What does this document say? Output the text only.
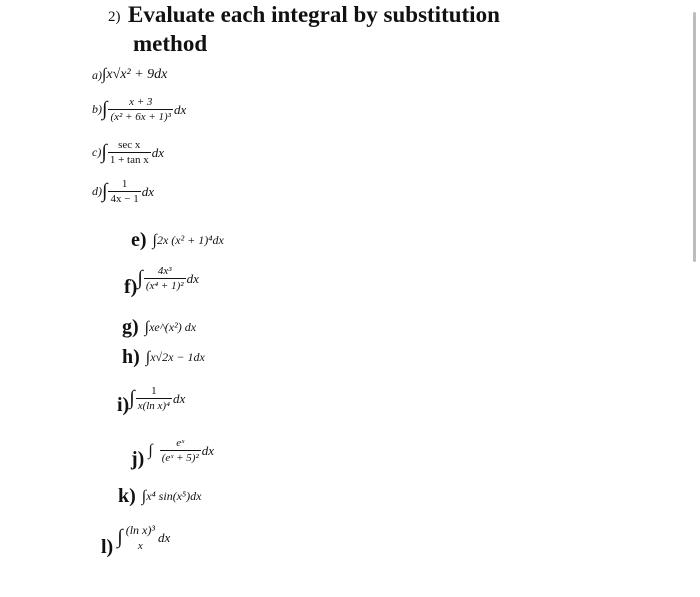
2) Evaluate each integral by substitution
method
a) ∫ x√x² + 9dx
b) ∫ $\frac{x + 3}{\text{(x² + 6x + 1)³}}$ dx
c) ∫ $\frac{\text{sec x}}{\text{1 + tan x}}$ dx
d) ∫ $\frac{1}{4x - 1}$ dx
e) ∫ 2x (x² + 1)⁴dx
f) ∫ $\frac{\text{4x³}}{\text{(x⁴ + 1)²}}$ dx
g) ∫ xe^(x²) dx
h) ∫ x√2x − 1dx
i) ∫ $\frac{1}{\text{x(ln x)⁴}}$ dx
j) ∫ $\frac{\text{eˣ}}{\text{(eˣ + 5)²}}$ dx
k) ∫ x⁴ sin(x⁵)dx
l) ∫ (ln x)³
x
dx
